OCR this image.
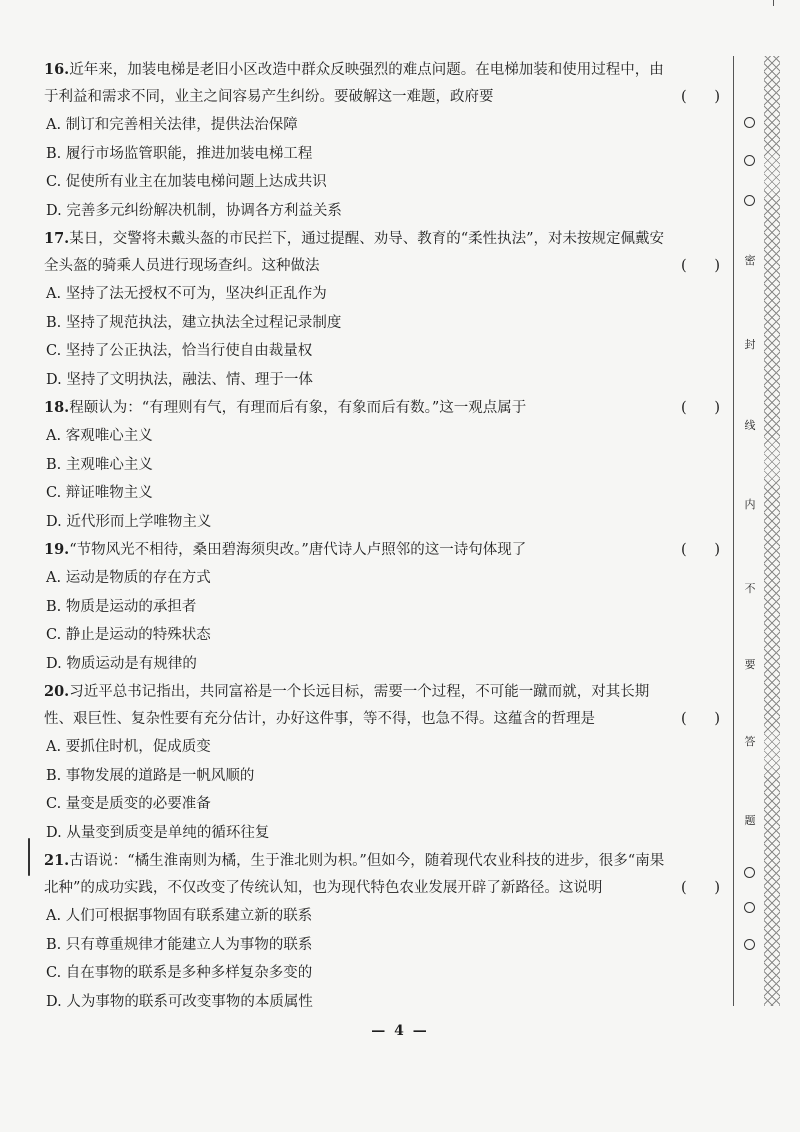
16.近年来，加装电梯是老旧小区改造中群众反映强烈的难点问题。在电梯加装和使用过程中，由于利益和需求不同，业主之间容易产生纠纷。要破解这一难题，政府要	(      )

A. 制订和完善相关法律，提供法治保障

B. 履行市场监管职能，推进加装电梯工程

C. 促使所有业主在加装电梯问题上达成共识

D. 完善多元纠纷解决机制，协调各方利益关系

17.某日，交警将未戴头盔的市民拦下，通过提醒、劝导、教育的“柔性执法”，对未按规定佩戴安全头盔的骑乘人员进行现场查纠。这种做法	(      )

A. 坚持了法无授权不可为，坚决纠正乱作为

B. 坚持了规范执法，建立执法全过程记录制度

C. 坚持了公正执法，恰当行使自由裁量权

D. 坚持了文明执法，融法、情、理于一体

18.程颐认为：“有理则有气，有理而后有象，有象而后有数。”这一观点属于	(      )

A. 客观唯心主义

B. 主观唯心主义

C. 辩证唯物主义

D. 近代形而上学唯物主义

19.“节物风光不相待，桑田碧海须臾改。”唐代诗人卢照邻的这一诗句体现了	(      )

A. 运动是物质的存在方式

B. 物质是运动的承担者

C. 静止是运动的特殊状态

D. 物质运动是有规律的

20.习近平总书记指出，共同富裕是一个长远目标，需要一个过程，不可能一蹴而就，对其长期性、艰巨性、复杂性要有充分估计，办好这件事，等不得，也急不得。这蕴含的哲理是	(      )

A. 要抓住时机，促成质变

B. 事物发展的道路是一帆风顺的

C. 量变是质变的必要准备

D. 从量变到质变是单纯的循环往复

21.古语说：“橘生淮南则为橘，生于淮北则为枳。”但如今，随着现代农业科技的进步，很多“南果北种”的成功实践，不仅改变了传统认知，也为现代特色农业发展开辟了新路径。这说明	(      )

A. 人们可根据事物固有联系建立新的联系

B. 只有尊重规律才能建立人为事物的联系

C. 自在事物的联系是多种多样复杂多变的

D. 人为事物的联系可改变事物的本质属性

密
封
线
内
不
要
答
题
— 4 —
